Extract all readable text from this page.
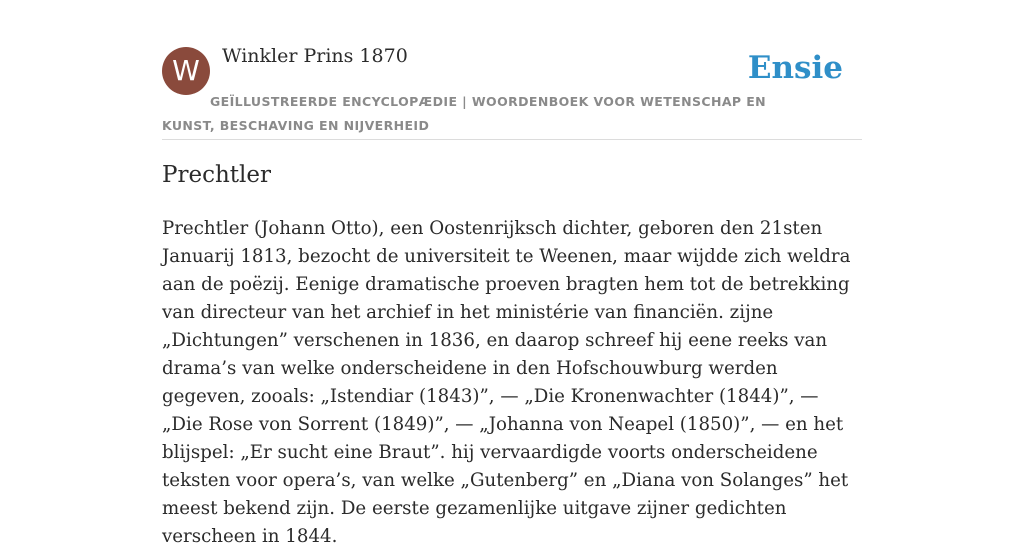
W	Winkler Prins 1870	Ensie
GEÏLLUSTREERDE ENCYCLOPÆDIE | WOORDENBOEK VOOR WETENSCHAP EN KUNST, BESCHAVING EN NIJVERHEID
Prechtler

Prechtler (Johann Otto), een Oostenrijksch dichter, geboren den 21sten Januarij 1813, bezocht de universiteit te Weenen, maar wijdde zich weldra aan de poëzij. Eenige dramatische proeven bragten hem tot de betrekking van directeur van het archief in het ministérie van financiën. zijne „Dichtungen” verschenen in 1836, en daarop schreef hij eene reeks van drama’s van welke onderscheidene in den Hofschouwburg werden gegeven, zooals: „Istendiar (1843)”, — „Die Kronenwachter (1844)”, — „Die Rose von Sorrent (1849)”, — „Johanna von Neapel (1850)”, — en het blijspel: „Er sucht eine Braut”. hij vervaardigde voorts onderscheidene teksten voor opera’s, van welke „Gutenberg” en „Diana von Solanges” het meest bekend zijn. De eerste gezamenlijke uitgave zijner gedichten verscheen in 1844.
